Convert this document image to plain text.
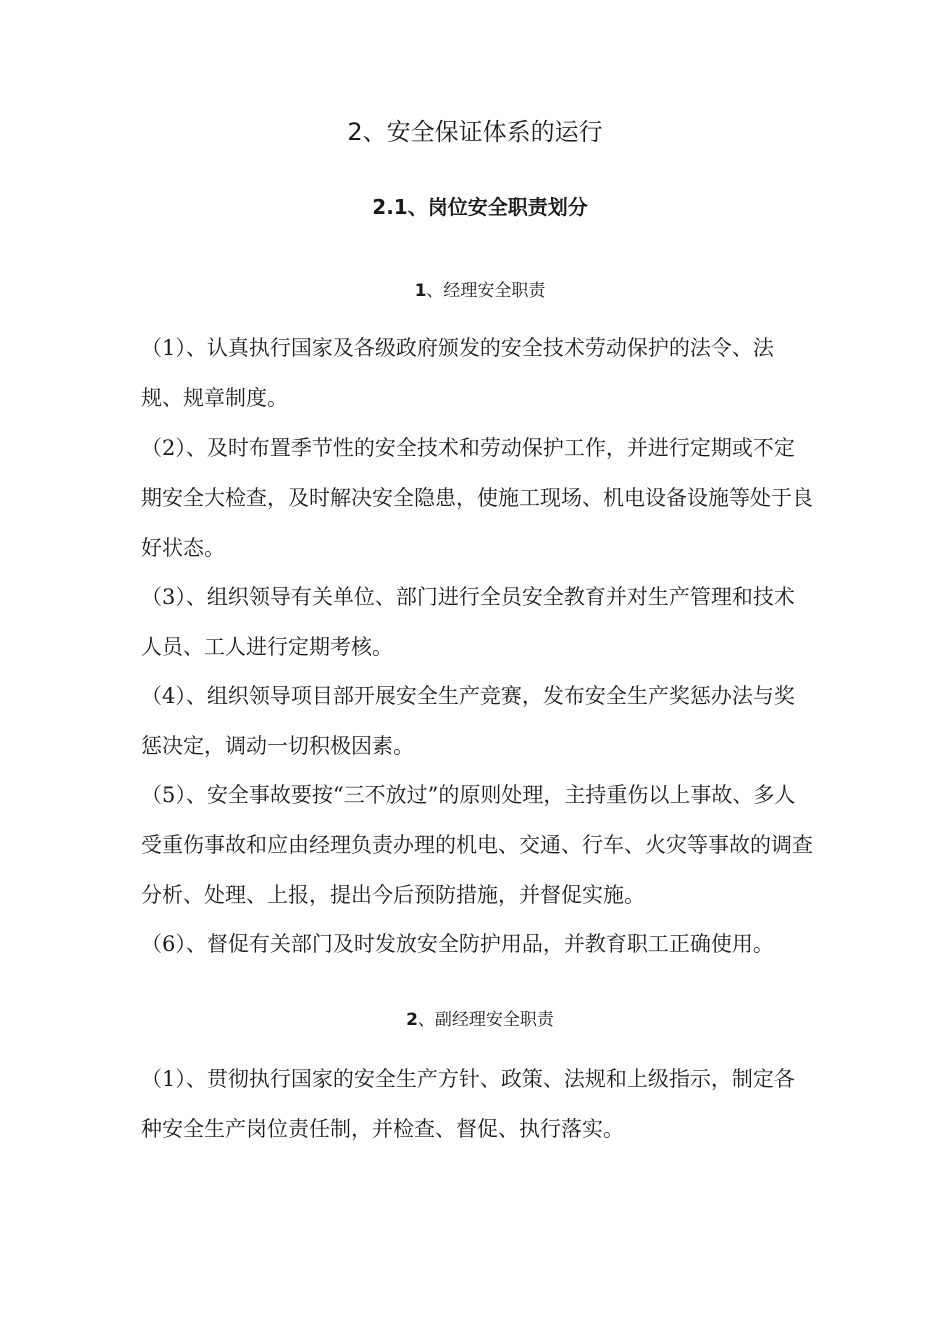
2、安全保证体系的运行
2.1、岗位安全职责划分
1、经理安全职责

（1）、认真执行国家及各级政府颁发的安全技术劳动保护的法令、法规、规章制度。

（2）、及时布置季节性的安全技术和劳动保护工作，并进行定期或不定期安全大检查，及时解决安全隐患，使施工现场、机电设备设施等处于良好状态。

（3）、组织领导有关单位、部门进行全员安全教育并对生产管理和技术人员、工人进行定期考核。

（4）、组织领导项目部开展安全生产竞赛，发布安全生产奖惩办法与奖惩决定，调动一切积极因素。

（5）、安全事故要按“三不放过”的原则处理，主持重伤以上事故、多人受重伤事故和应由经理负责办理的机电、交通、行车、火灾等事故的调查分析、处理、上报，提出今后预防措施，并督促实施。

（6）、督促有关部门及时发放安全防护用品，并教育职工正确使用。

2、副经理安全职责

（1）、贯彻执行国家的安全生产方针、政策、法规和上级指示，制定各种安全生产岗位责任制，并检查、督促、执行落实。
